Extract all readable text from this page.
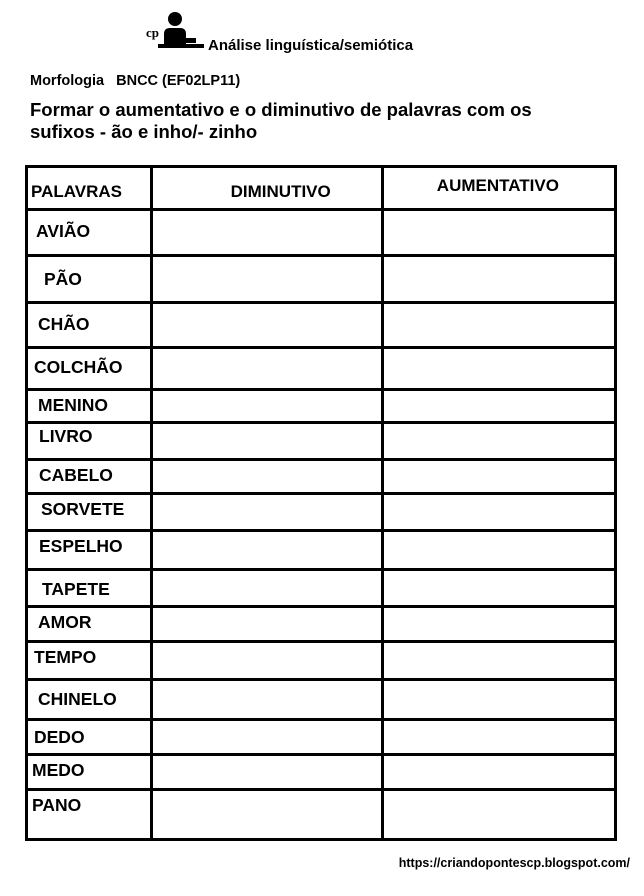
cp
Análise linguística/semiótica
Morfologia BNCC (EF02LP11)
Formar o aumentativo e o diminutivo de palavras com os sufixos - ão e inho/- zinho
PALAVRAS	DIMINUTIVO	AUMENTATIVO

AVIÃO		

PÃO		

CHÃO		

COLCHÃO		

MENINO		

LIVRO		

CABELO		

SORVETE		

ESPELHO		

TAPETE		

AMOR		

TEMPO		

CHINELO		

DEDO		

MEDO		

PANO		

https://criandopontescp.blogspot.com/
